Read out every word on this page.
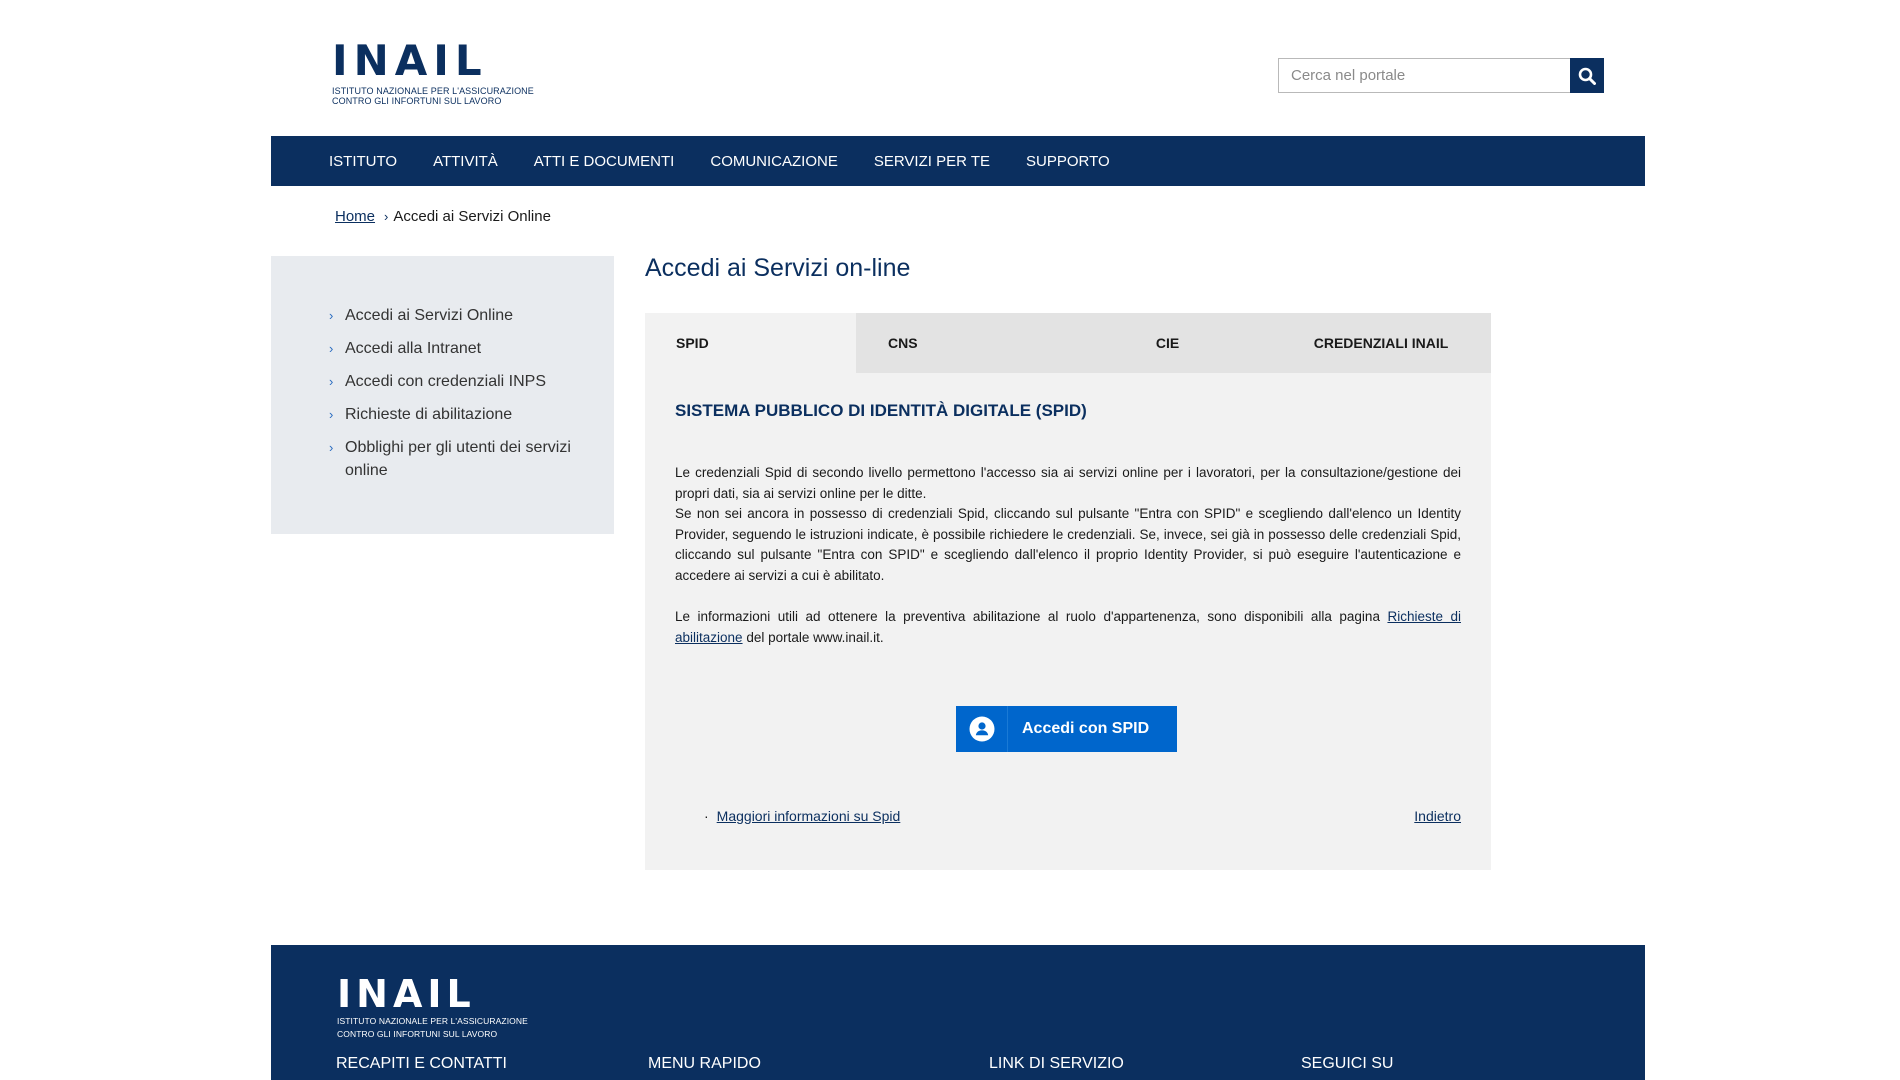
INAIL
ISTITUTO NAZIONALE PER L'ASSICURAZIONE
CONTRO GLI INFORTUNI SUL LAVORO
Cerca nel portale
ISTITUTO ATTIVITÀ ATTI E DOCUMENTI COMUNICAZIONE SERVIZI PER TE SUPPORTO
Home › Accedi ai Servizi Online
› Accedi ai Servizi Online
› Accedi alla Intranet
› Accedi con credenziali INPS
› Richieste di abilitazione
› Obblighi per gli utenti dei servizi online
Accedi ai Servizi on-line
SPID	CNS	CIE	CREDENZIALI INAIL
SISTEMA PUBBLICO DI IDENTITÀ DIGITALE (SPID)

Le credenziali Spid di secondo livello permettono l'accesso sia ai servizi online per i lavoratori, per la consultazione/gestione dei propri dati, sia ai servizi online per le ditte.
Se non sei ancora in possesso di credenziali Spid, cliccando sul pulsante "Entra con SPID" e scegliendo dall'elenco un Identity Provider, seguendo le istruzioni indicate, è possibile richiedere le credenziali. Se, invece, sei già in possesso delle credenziali Spid, cliccando sul pulsante "Entra con SPID" e scegliendo dall'elenco il proprio Identity Provider, si può eseguire l'autenticazione e accedere ai servizi a cui è abilitato.

Le informazioni utili ad ottenere la preventiva abilitazione al ruolo d'appartenenza, sono disponibili alla pagina Richieste di abilitazione del portale www.inail.it.

Accedi con SPID
· Maggiori informazioni su Spid	Indietro
INAIL
ISTITUTO NAZIONALE PER L'ASSICURAZIONE
CONTRO GLI INFORTUNI SUL LAVORO
RECAPITI E CONTATTI	MENU RAPIDO	LINK DI SERVIZIO	SEGUICI SU
